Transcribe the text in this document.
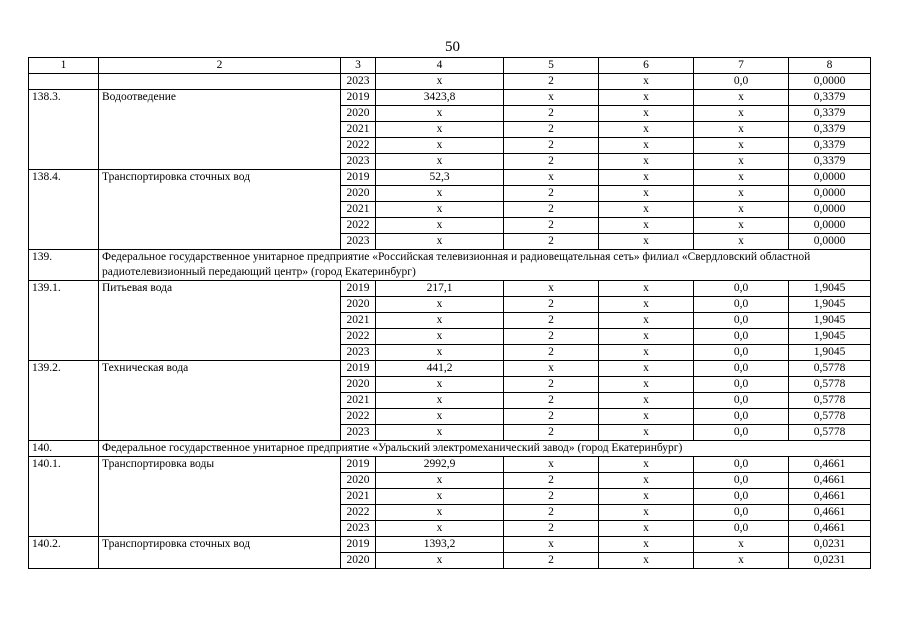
50
1	2	3	4	5	6	7	8
		2023	x	2	x	0,0	0,0000
138.3.	Водоотведение	2019	3423,8	x	x	x	0,3379
		2020	x	2	x	x	0,3379
		2021	x	2	x	x	0,3379
		2022	x	2	x	x	0,3379
		2023	x	2	x	x	0,3379
138.4.	Транспортировка сточных вод	2019	52,3	x	x	x	0,0000
		2020	x	2	x	x	0,0000
		2021	x	2	x	x	0,0000
		2022	x	2	x	x	0,0000
		2023	x	2	x	x	0,0000
139.	Федеральное государственное унитарное предприятие «Российская телевизионная и радиовещательная сеть» филиал «Свердловский областной радиотелевизионный передающий центр» (город Екатеринбург)						
139.1.	Питьевая вода	2019	217,1	x	x	0,0	1,9045
		2020	x	2	x	0,0	1,9045
		2021	x	2	x	0,0	1,9045
		2022	x	2	x	0,0	1,9045
		2023	x	2	x	0,0	1,9045
139.2.	Техническая вода	2019	441,2	x	x	0,0	0,5778
		2020	x	2	x	0,0	0,5778
		2021	x	2	x	0,0	0,5778
		2022	x	2	x	0,0	0,5778
		2023	x	2	x	0,0	0,5778
140.	Федеральное государственное унитарное предприятие «Уральский электромеханический завод» (город Екатеринбург)						
140.1.	Транспортировка воды	2019	2992,9	x	x	0,0	0,4661
		2020	x	2	x	0,0	0,4661
		2021	x	2	x	0,0	0,4661
		2022	x	2	x	0,0	0,4661
		2023	x	2	x	0,0	0,4661
140.2.	Транспортировка сточных вод	2019	1393,2	x	x	x	0,0231
		2020	x	2	x	x	0,0231
